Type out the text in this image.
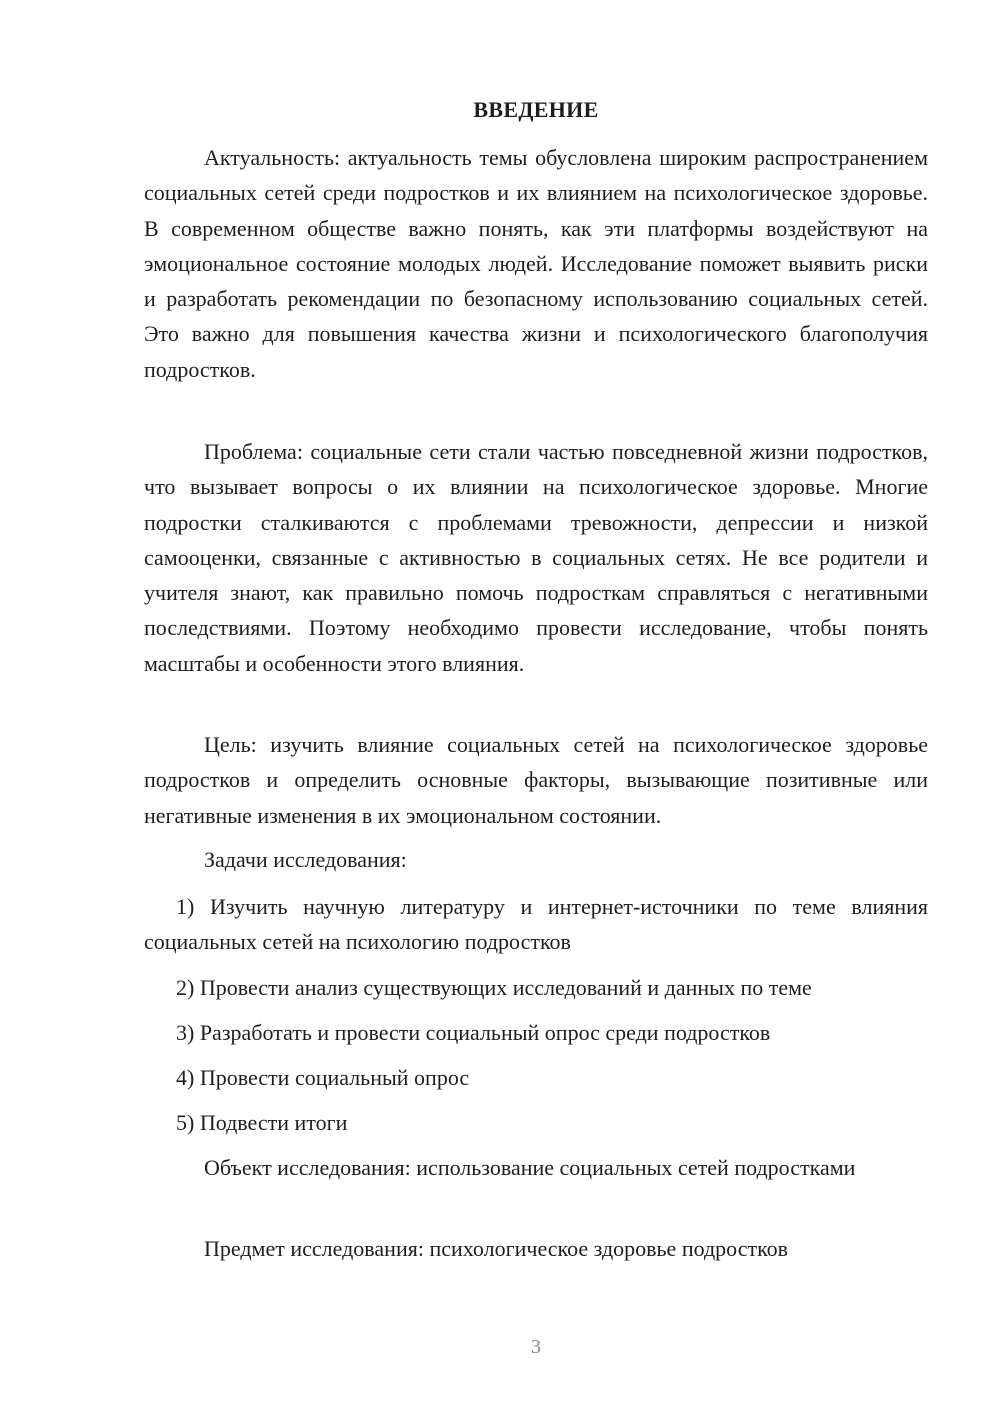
ВВЕДЕНИЕ

Актуальность: актуальность темы обусловлена широким распространением социальных сетей среди подростков и их влиянием на психологическое здоровье. В современном обществе важно понять, как эти платформы воздействуют на эмоциональное состояние молодых людей. Исследование поможет выявить риски и разработать рекомендации по безопасному использованию социальных сетей. Это важно для повышения качества жизни и психологического благополучия подростков.

Проблема: социальные сети стали частью повседневной жизни подростков, что вызывает вопросы о их влиянии на психологическое здоровье. Многие подростки сталкиваются с проблемами тревожности, депрессии и низкой самооценки, связанные с активностью в социальных сетях. Не все родители и учителя знают, как правильно помочь подросткам справляться с негативными последствиями. Поэтому необходимо провести исследование, чтобы понять масштабы и особенности этого влияния.

Цель: изучить влияние социальных сетей на психологическое здоровье подростков и определить основные факторы, вызывающие позитивные или негативные изменения в их эмоциональном состоянии.

Задачи исследования:

1) Изучить научную литературу и интернет-источники по теме влияния социальных сетей на психологию подростков

2) Провести анализ существующих исследований и данных по теме
3) Разработать и провести социальный опрос среди подростков
4) Провести социальный опрос
5) Подвести итоги

Объект исследования: использование социальных сетей подростками

Предмет исследования: психологическое здоровье подростков

3
